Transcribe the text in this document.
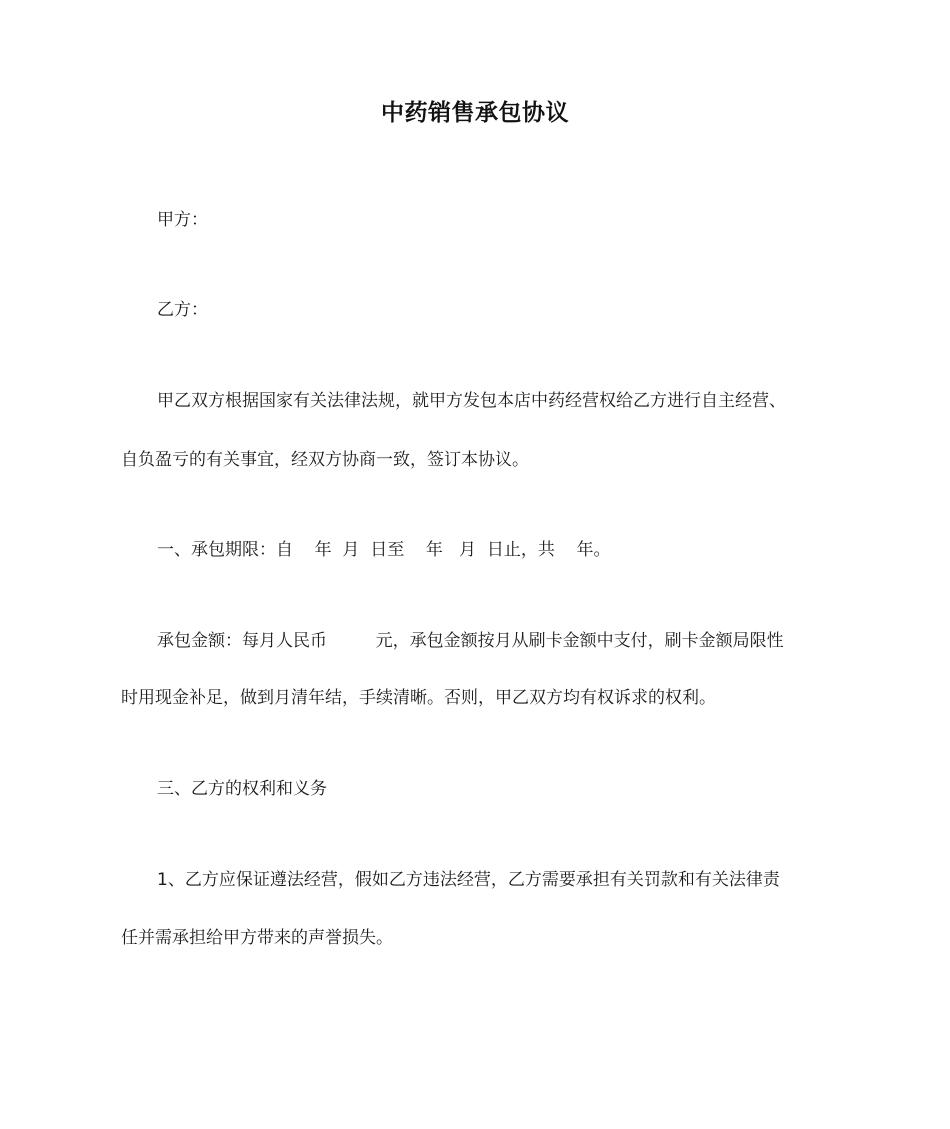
中药销售承包协议
甲方：
乙方：
甲乙双方根据国家有关法律法规，就甲方发包本店中药经营权给乙方进行自主经营、
自负盈亏的有关事宜，经双方协商一致，签订本协议。
一、承包期限：自    年  月  日至    年   月  日止，共    年。
承包金额：每月人民币         元，承包金额按月从刷卡金额中支付，刷卡金额局限性
时用现金补足，做到月清年结，手续清晰。否则，甲乙双方均有权诉求的权利。
三、乙方的权利和义务
1、乙方应保证遵法经营，假如乙方违法经营，乙方需要承担有关罚款和有关法律责
任并需承担给甲方带来的声誉损失。
